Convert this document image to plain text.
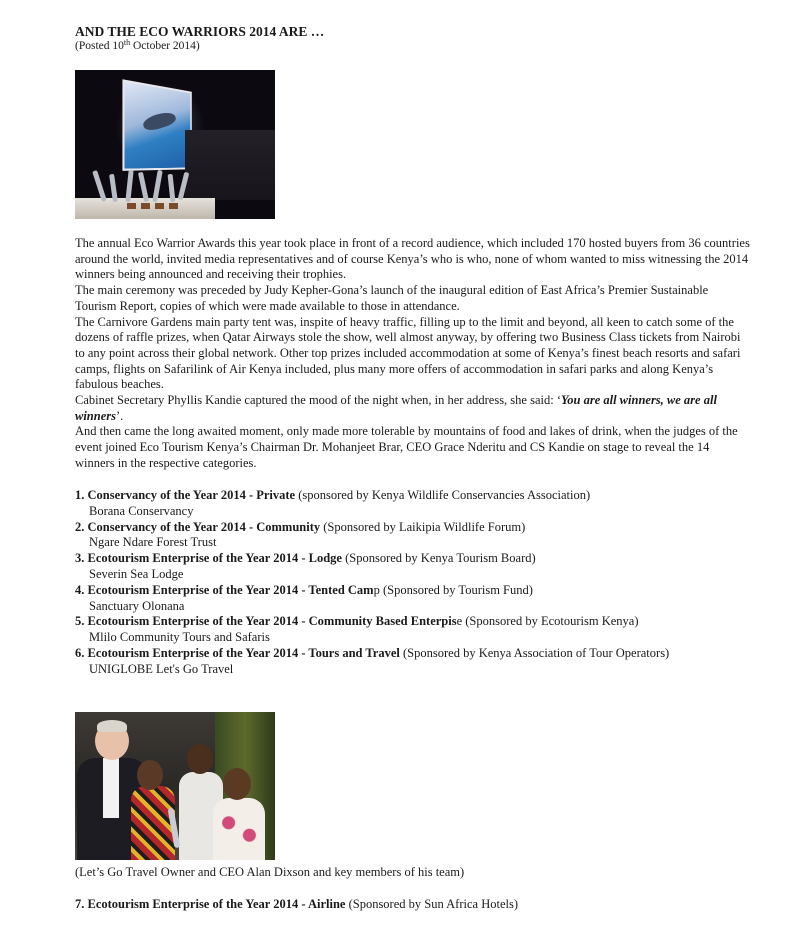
AND THE ECO WARRIORS 2014 ARE …

(Posted 10th October 2014)

The annual Eco Warrior Awards this year took place in front of a record audience, which included 170 hosted buyers from 36 countries around the world, invited media representatives and of course Kenya’s who is who, none of whom wanted to miss witnessing the 2014 winners being announced and receiving their trophies.

The main ceremony was preceded by Judy Kepher-Gona’s launch of the inaugural edition of East Africa’s Premier Sustainable Tourism Report, copies of which were made available to those in attendance.

The Carnivore Gardens main party tent was, inspite of heavy traffic, filling up to the limit and beyond, all keen to catch some of the dozens of raffle prizes, when Qatar Airways stole the show, well almost anyway, by offering two Business Class tickets from Nairobi to any point across their global network. Other top prizes included accommodation at some of Kenya’s finest beach resorts and safari camps, flights on Safarilink of Air Kenya included, plus many more offers of accommodation in safari parks and along Kenya’s fabulous beaches.

Cabinet Secretary Phyllis Kandie captured the mood of the night when, in her address, she said: ‘You are all winners, we are all winners’.

And then came the long awaited moment, only made more tolerable by mountains of food and lakes of drink, when the judges of the event joined Eco Tourism Kenya’s Chairman Dr. Mohanjeet Brar, CEO Grace Nderitu and CS Kandie on stage to reveal the 14 winners in the respective categories.

1. Conservancy of the Year 2014 - Private (sponsored by Kenya Wildlife Conservancies Association)
Borana Conservancy

2. Conservancy of the Year 2014 - Community (Sponsored by Laikipia Wildlife Forum)
Ngare Ndare Forest Trust

3. Ecotourism Enterprise of the Year 2014 - Lodge (Sponsored by Kenya Tourism Board)
Severin Sea Lodge

4. Ecotourism Enterprise of the Year 2014 - Tented Camp (Sponsored by Tourism Fund)
Sanctuary Olonana

5. Ecotourism Enterprise of the Year 2014 - Community Based Enterpise (Sponsored by Ecotourism Kenya)
Mlilo Community Tours and Safaris

6. Ecotourism Enterprise of the Year 2014 - Tours and Travel (Sponsored by Kenya Association of Tour Operators)
UNIGLOBE Let's Go Travel

(Let’s Go Travel Owner and CEO Alan Dixson and key members of his team)

7. Ecotourism Enterprise of the Year 2014 - Airline (Sponsored by Sun Africa Hotels)
